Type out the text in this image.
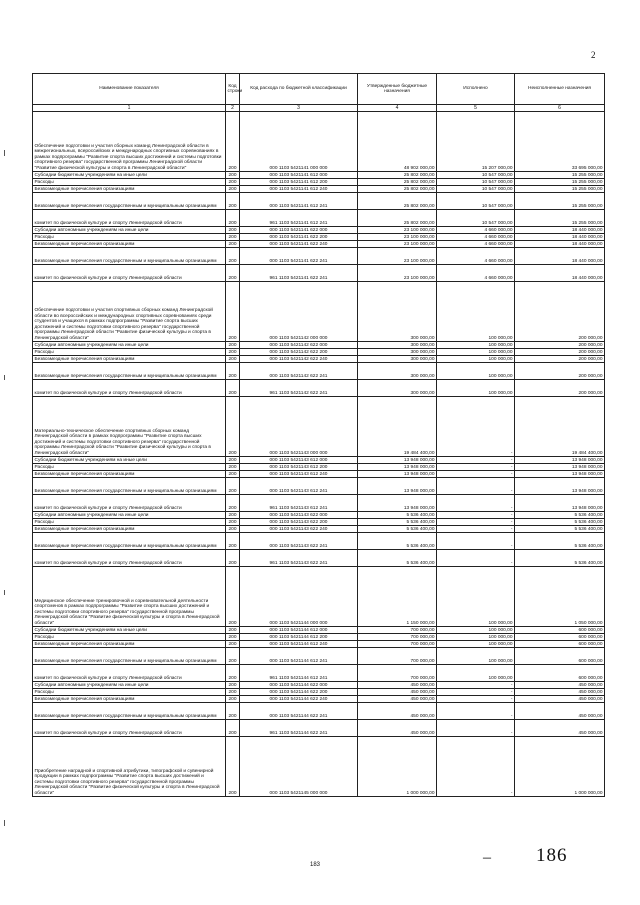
2
Наименование показателя	Код строки	Код расхода по бюджетной классификации	Утвержденные бюджетные назначения	Исполнено	Неисполненные назначения
1	2	3	4	5	6
Обеспечение подготовки и участия сборных команд Ленинградской области в межрегиональных, всероссийских и международных спортивных соревнованиях в рамках подпрограммы "Развитие спорта высших достижений и системы подготовки спортивного резерва" государственной программы Ленинградской области "Развитие физической культуры и спорта в Ленинградской области"	200	000 1103 5421141 000 000	48 902 000,00	15 207 000,00	33 695 000,00
Субсидии бюджетным учреждениям на иные цели	200	000 1103 5421141 612 000	25 802 000,00	10 547 000,00	15 255 000,00
Расходы	200	000 1103 5421141 612 200	25 802 000,00	10 547 000,00	15 255 000,00
Безвозмездные перечисления организациям	200	000 1103 5421141 612 240	25 802 000,00	10 547 000,00	15 255 000,00
Безвозмездные перечисления государственным и муниципальным организациям	200	000 1103 5421141 612 241	25 802 000,00	10 547 000,00	15 255 000,00
комитет по физической культуре и спорту Ленинградской области	200	961 1103 5421141 612 241	25 802 000,00	10 547 000,00	15 255 000,00
Субсидии автономным учреждениям на иные цели	200	000 1103 5421141 622 000	23 100 000,00	4 660 000,00	18 440 000,00
Расходы	200	000 1103 5421141 622 200	23 100 000,00	4 660 000,00	18 440 000,00
Безвозмездные перечисления организациям	200	000 1103 5421141 622 240	23 100 000,00	4 660 000,00	18 440 000,00
Безвозмездные перечисления государственным и муниципальным организациям	200	000 1103 5421141 622 241	23 100 000,00	4 660 000,00	18 440 000,00
комитет по физической культуре и спорту Ленинградской области	200	961 1103 5421141 622 241	23 100 000,00	4 660 000,00	18 440 000,00
Обеспечение подготовки и участия спортивных сборных команд Ленинградской области во всероссийских и международных спортивных соревнованиях среди студентов и учащихся в рамках подпрограммы "Развитие спорта высших достижений и системы подготовки спортивного резерва" государственной программы Ленинградской области "Развитие физической культуры и спорта в Ленинградской области"	200	000 1103 5421142 000 000	300 000,00	100 000,00	200 000,00
Субсидии автономным учреждениям на иные цели	200	000 1103 5421142 622 000	300 000,00	100 000,00	200 000,00
Расходы	200	000 1103 5421142 622 200	300 000,00	100 000,00	200 000,00
Безвозмездные перечисления организациям	200	000 1103 5421142 622 240	300 000,00	100 000,00	200 000,00
Безвозмездные перечисления государственным и муниципальным организациям	200	000 1103 5421142 622 241	300 000,00	100 000,00	200 000,00
комитет по физической культуре и спорту Ленинградской области	200	961 1103 5421142 622 241	300 000,00	100 000,00	200 000,00
Материально-техническое обеспечение спортивных сборных команд Ленинградской области в рамках подпрограммы "Развитие спорта высших достижений и системы подготовки спортивного резерва" государственной программы Ленинградской области "Развитие физической культуры и спорта в Ленинградской области"	200	000 1103 5421143 000 000	19 484 400,00	-	19 484 400,00
Субсидии бюджетным учреждениям на иные цели	200	000 1103 5421143 612 000	13 948 000,00	-	13 948 000,00
Расходы	200	000 1103 5421143 612 200	13 948 000,00	-	13 948 000,00
Безвозмездные перечисления организациям	200	000 1103 5421143 612 240	13 948 000,00	-	13 948 000,00
Безвозмездные перечисления государственным и муниципальным организациям	200	000 1103 5421143 612 241	13 948 000,00	-	13 948 000,00
комитет по физической культуре и спорту Ленинградской области	200	961 1103 5421143 612 241	13 948 000,00	-	13 948 000,00
Субсидии автономным учреждениям на иные цели	200	000 1103 5421143 622 000	5 536 400,00	-	5 536 400,00
Расходы	200	000 1103 5421143 622 200	5 536 400,00	-	5 536 400,00
Безвозмездные перечисления организациям	200	000 1103 5421143 622 240	5 536 400,00	-	5 536 400,00
Безвозмездные перечисления государственным и муниципальным организациям	200	000 1103 5421143 622 241	5 536 400,00	-	5 536 400,00
комитет по физической культуре и спорту Ленинградской области	200	961 1103 5421143 622 241	5 536 400,00	-	5 536 400,00
Медицинское обеспечение тренировочной и соревновательной деятельности спортсменов в рамках подпрограммы "Развитие спорта высших достижений и системы подготовки спортивного резерва" государственной программы Ленинградской области "Развитие физической культуры и спорта в Ленинградской области"	200	000 1103 5421144 000 000	1 150 000,00	100 000,00	1 050 000,00
Субсидии бюджетным учреждениям на иные цели	200	000 1103 5421144 612 000	700 000,00	100 000,00	600 000,00
Расходы	200	000 1103 5421144 612 200	700 000,00	100 000,00	600 000,00
Безвозмездные перечисления организациям	200	000 1103 5421144 612 240	700 000,00	100 000,00	600 000,00
Безвозмездные перечисления государственным и муниципальным организациям	200	000 1103 5421144 612 241	700 000,00	100 000,00	600 000,00
комитет по физической культуре и спорту Ленинградской области	200	961 1103 5421144 612 241	700 000,00	100 000,00	600 000,00
Субсидии автономным учреждениям на иные цели	200	000 1103 5421144 622 000	450 000,00	-	450 000,00
Расходы	200	000 1103 5421144 622 200	450 000,00	-	450 000,00
Безвозмездные перечисления организациям	200	000 1103 5421144 622 240	450 000,00	-	450 000,00
Безвозмездные перечисления государственным и муниципальным организациям	200	000 1103 5421144 622 241	450 000,00	-	450 000,00
комитет по физической культуре и спорту Ленинградской области	200	961 1103 5421144 622 241	450 000,00	-	450 000,00
Приобретение наградной и спортивной атрибутики, типографской и сувенирной продукции в рамках подпрограммы "Развитие спорта высших достижений и системы подготовки спортивного резерва" государственной программы Ленинградской области "Развитие физической культуры и спорта в Ленинградской области"	200	000 1103 5421145 000 000	1 000 000,00	-	1 000 000,00
– 186
183
